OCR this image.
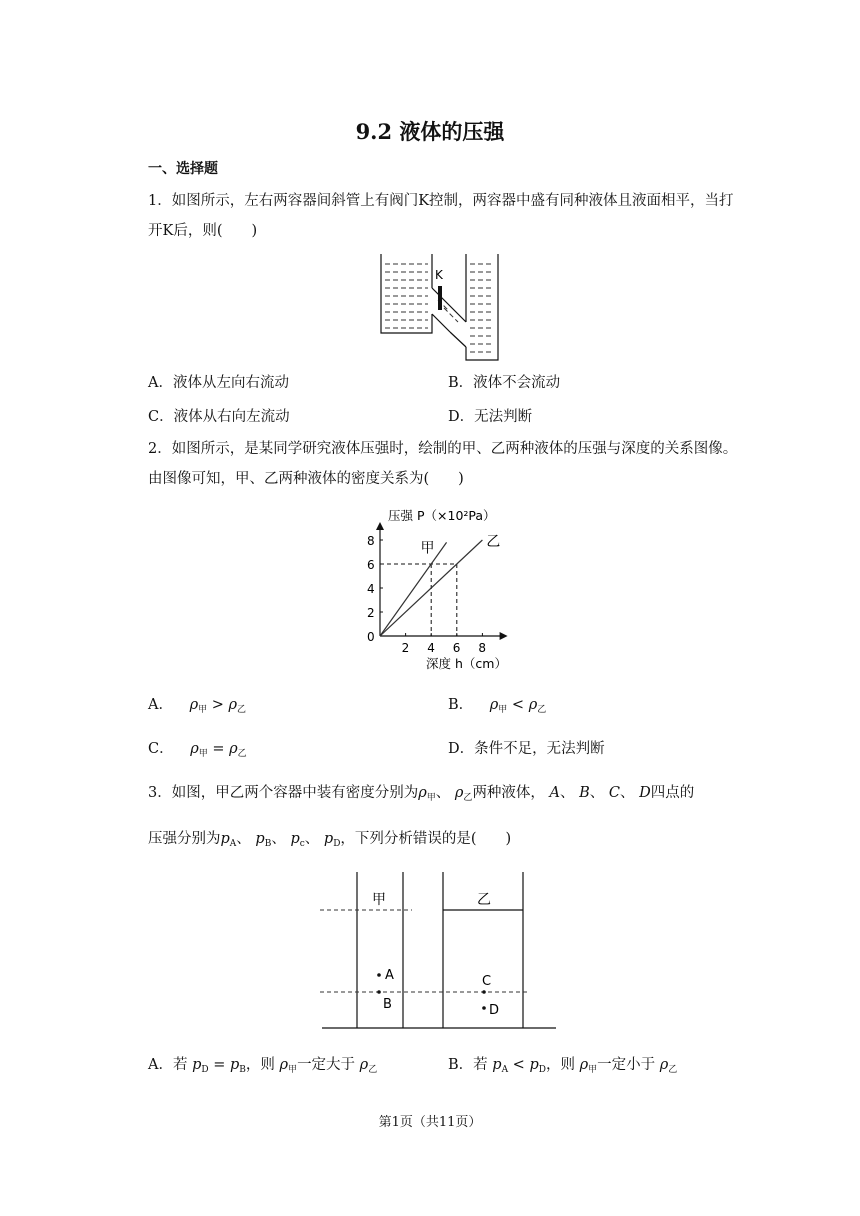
9.2 液体的压强
一、选择题
1．如图所示，左右两容器间斜管上有阀门K控制，两容器中盛有同种液体且液面相平，当打开K后，则(　　)
K
A．液体从左向右流动	B．液体不会流动
C．液体从右向左流动	D．无法判断
2．如图所示，是某同学研究液体压强时，绘制的甲、乙两种液体的压强与深度的关系图像。由图像可知，甲、乙两种液体的密度关系为(　　)
2 4 6 8
0
2
4
6
8	甲	乙
压强 P（×10²Pa）
深度 h（cm）
A． $\rho_甲 > \rho_乙$	B． $\rho_甲 < \rho_乙$
C． $\rho_甲 = \rho_乙$	D．条件不足，无法判断
3．如图，甲乙两个容器中装有密度分别为$\rho_甲$、 $\rho_乙$两种液体， A、 B、 C、 D四点的
压强分别为$p_A$、 $p_B$、 $p_c$、 $p_D$，下列分析错误的是(　　)
甲	乙
A
B
C
D
A．若 $p_D = p_B$，则 $\rho_甲$一定大于 $\rho_乙$	B．若 $p_A < p_D$，则 $\rho_甲$一定小于 $\rho_乙$
第1页（共11页）
